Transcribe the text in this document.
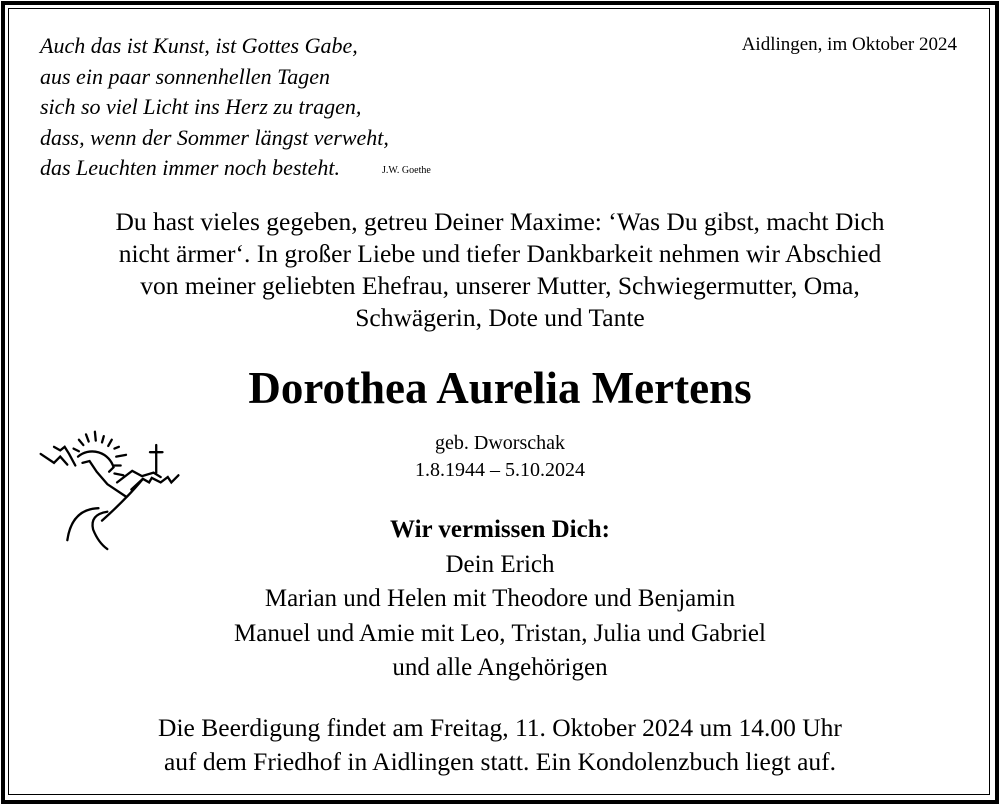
Auch das ist Kunst, ist Gottes Gabe,
aus ein paar sonnenhellen Tagen
sich so viel Licht ins Herz zu tragen,
dass, wenn der Sommer längst verweht,
das Leuchten immer noch besteht.	J.W. Goethe
Aidlingen, im Oktober 2024
Du hast vieles gegeben, getreu Deiner Maxime: ‘Was Du gibst, macht Dich
nicht ärmer‘. In großer Liebe und tiefer Dankbarkeit nehmen wir Abschied
von meiner geliebten Ehefrau, unserer Mutter, Schwiegermutter, Oma,
Schwägerin, Dote und Tante
Dorothea Aurelia Mertens
geb. Dworschak
1.8.1944 – 5.10.2024
Wir vermissen Dich:
Dein Erich
Marian und Helen mit Theodore und Benjamin
Manuel und Amie mit Leo, Tristan, Julia und Gabriel
und alle Angehörigen
Die Beerdigung findet am Freitag, 11. Oktober 2024 um 14.00 Uhr
auf dem Friedhof in Aidlingen statt. Ein Kondolenzbuch liegt auf.
